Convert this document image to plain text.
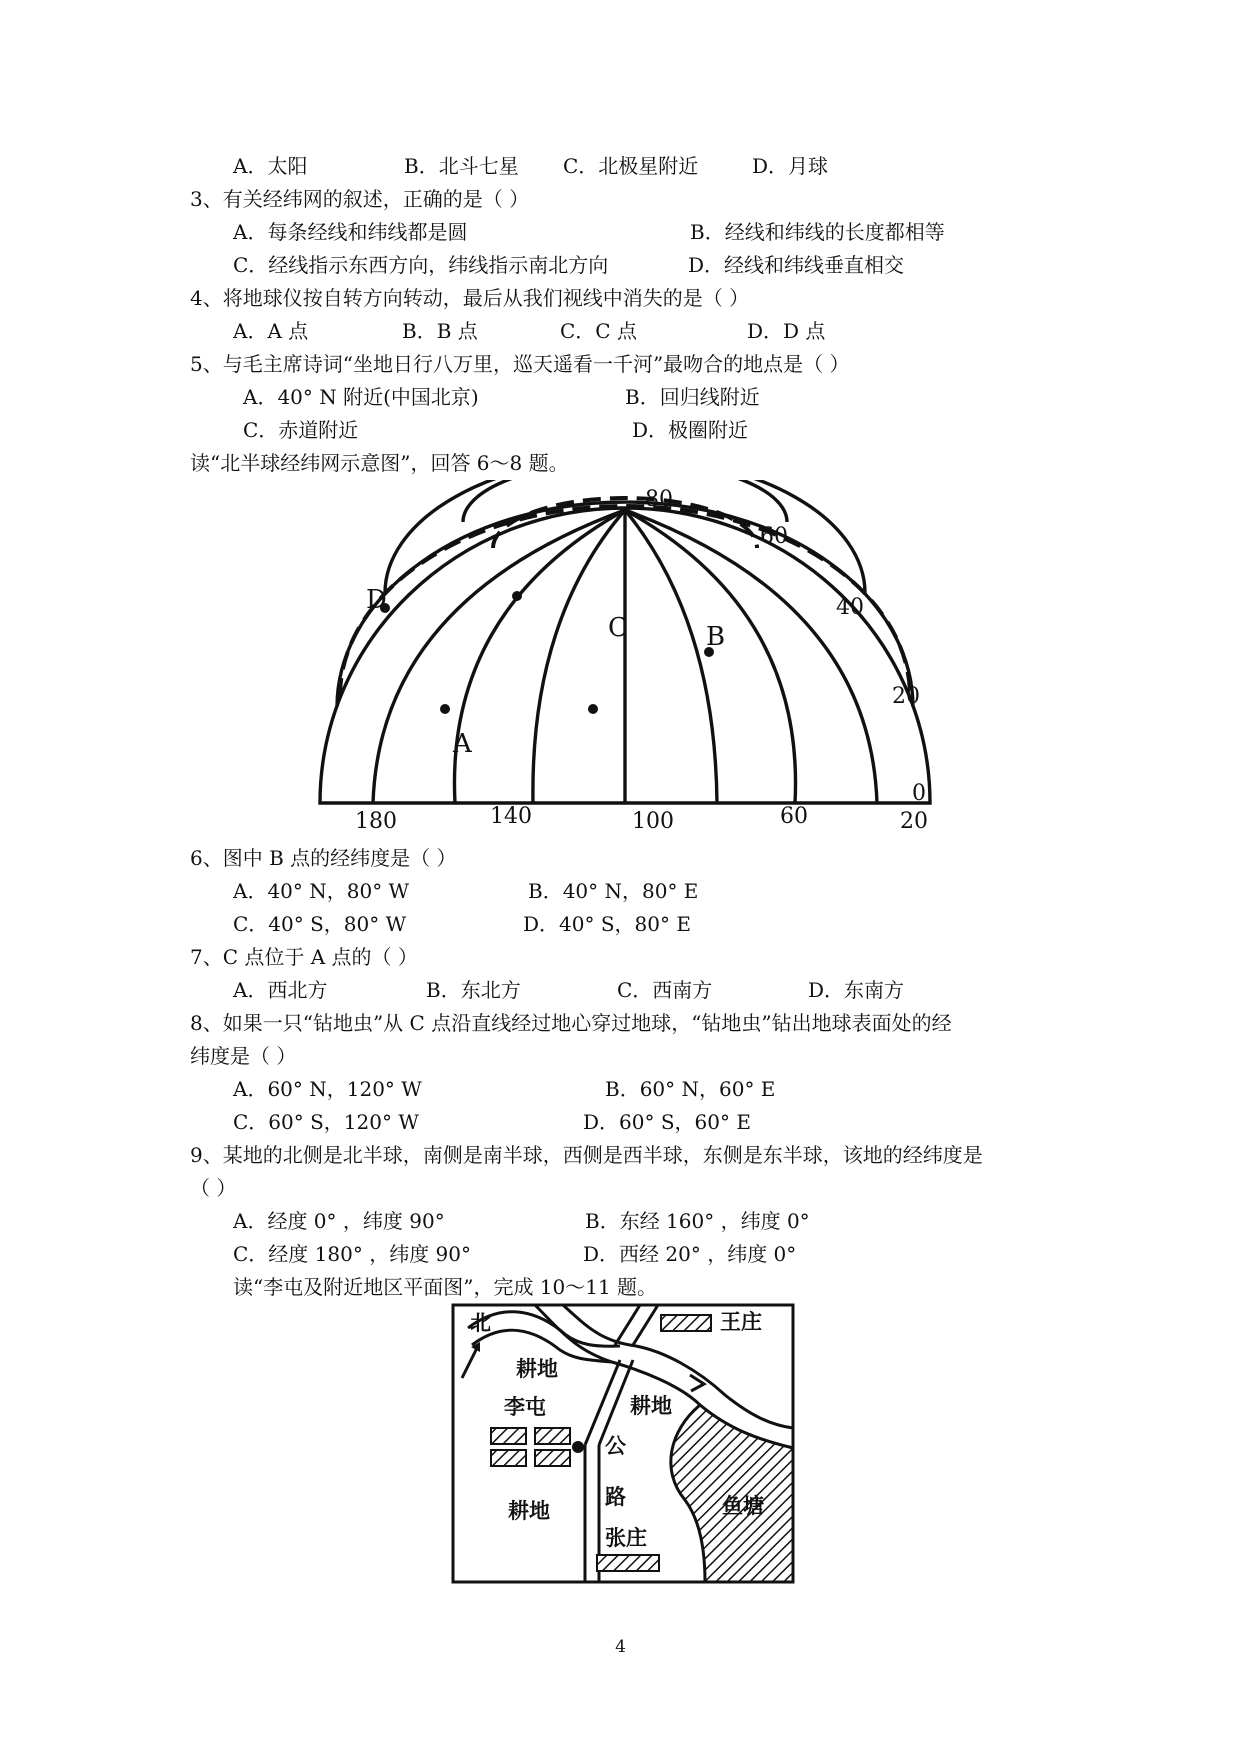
A．太阳	B．北斗七星 C．北极星附近	D．月球
3、有关经纬网的叙述，正确的是（ ）
A．每条经线和纬线都是圆	B．经线和纬线的长度都相等
C．经线指示东西方向，纬线指示南北方向	D．经线和纬线垂直相交
4、将地球仪按自转方向转动，最后从我们视线中消失的是（ ）
A．A 点	B．B 点	C．C 点	D．D 点
5、与毛主席诗词“坐地日行八万里，巡天遥看一千河”最吻合的地点是（ ）
A．40° N 附近(中国北京)	B．回归线附近
C．赤道附近	D．极圈附近
读“北半球经纬网示意图”，回答 6～8 题。
80
60
40
20
0
180	140	100	60	20
A
B
C
D
6、图中 B 点的经纬度是（ ）
A．40° N，80° W	B．40° N，80° E
C．40° S，80° W	D．40° S，80° E
7、C 点位于 A 点的（ ）
A．西北方	B．东北方	C．西南方	D．东南方
8、如果一只“钻地虫”从 C 点沿直线经过地心穿过地球，“钻地虫”钻出地球表面处的经
纬度是（ ）
A．60° N，120° W	B．60° N，60° E
C．60° S，120° W	D．60° S，60° E
9、某地的北侧是北半球，南侧是南半球，西侧是西半球，东侧是东半球，该地的经纬度是
（ ）
A．经度 0° ，纬度 90°	B．东经 160° ，纬度 0°
C．经度 180° ，纬度 90°	D．西经 20° ，纬度 0°
读“李屯及附近地区平面图”，完成 10～11 题。
北	王庄
耕地
李屯	耕地
公
路
耕地
张庄
鱼塘
4
